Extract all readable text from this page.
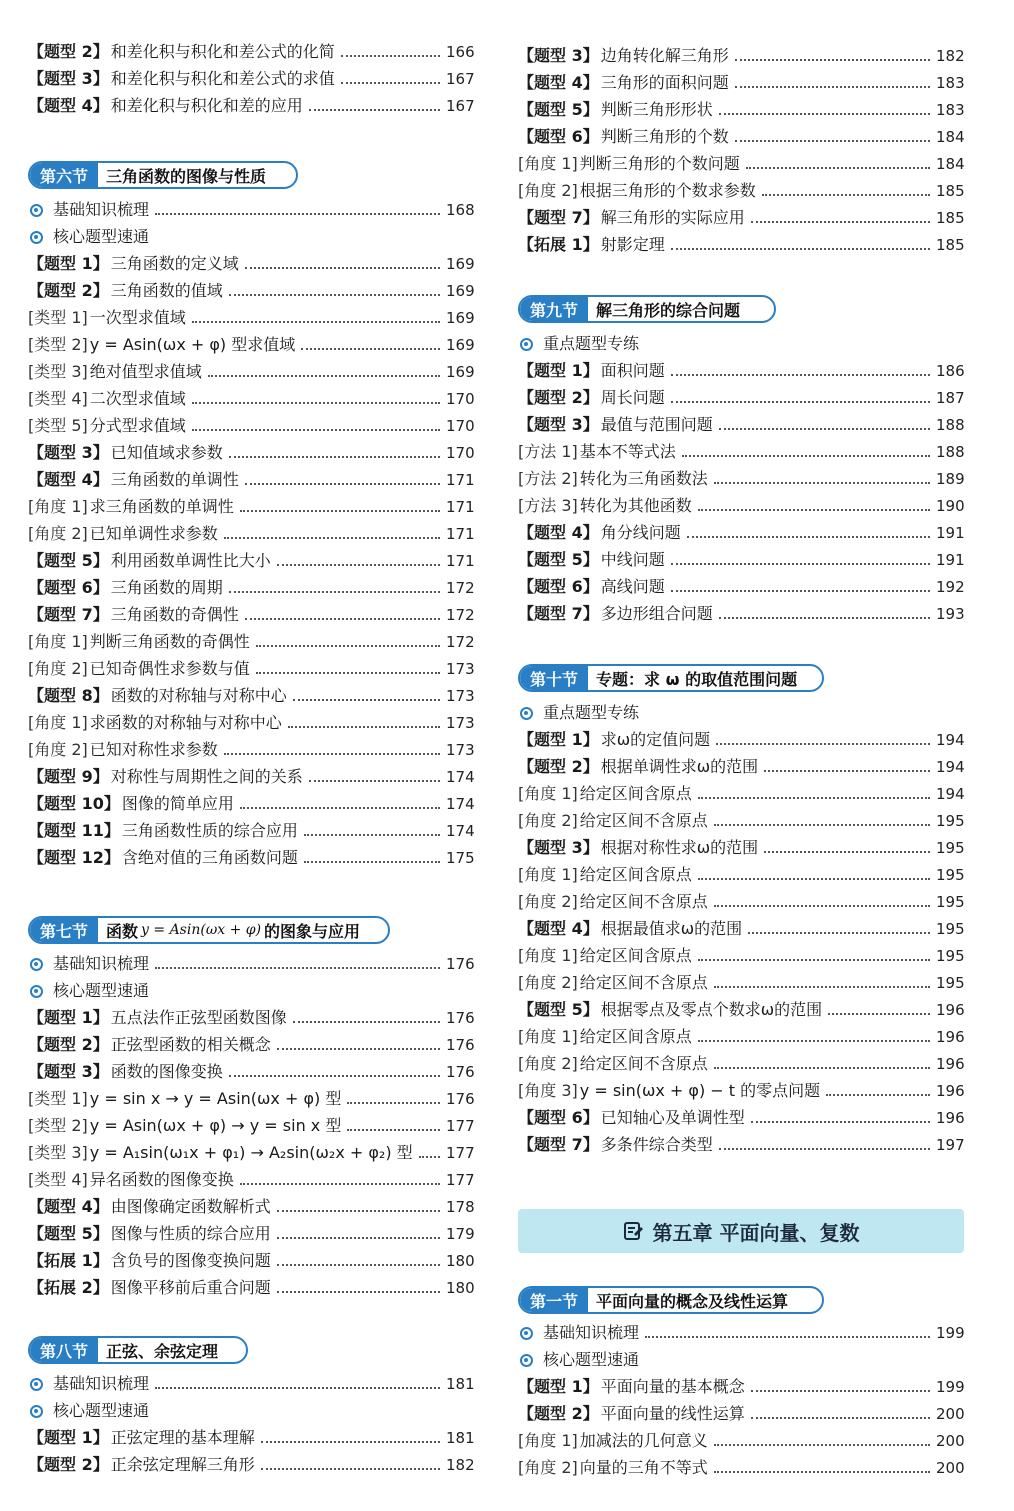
【题型 2】 和差化积与积化和差公式的化简	166
【题型 3】 和差化积与积化和差公式的求值	167
【题型 4】 和差化积与积化和差的应用	167
第六节	三角函数的图像与性质
基础知识梳理	168
核心题型速通
【题型 1】 三角函数的定义域	169
【题型 2】 三角函数的值域	169
[类型 1] 一次型求值域	169
[类型 2] y = Asin(ωx + φ) 型求值域	169
[类型 3] 绝对值型求值域	169
[类型 4] 二次型求值域	170
[类型 5] 分式型求值域	170
【题型 3】 已知值域求参数	170
【题型 4】 三角函数的单调性	171
[角度 1] 求三角函数的单调性	171
[角度 2] 已知单调性求参数	171
【题型 5】 利用函数单调性比大小	171
【题型 6】 三角函数的周期	172
【题型 7】 三角函数的奇偶性	172
[角度 1] 判断三角函数的奇偶性	172
[角度 2] 已知奇偶性求参数与值	173
【题型 8】 函数的对称轴与对称中心	173
[角度 1] 求函数的对称轴与对称中心	173
[角度 2] 已知对称性求参数	173
【题型 9】 对称性与周期性之间的关系	174
【题型 10】 图像的简单应用	174
【题型 11】 三角函数性质的综合应用	174
【题型 12】 含绝对值的三角函数问题	175
第七节	函数 y = Asin(ωx + φ) 的图象与应用
基础知识梳理	176
核心题型速通
【题型 1】 五点法作正弦型函数图像	176
【题型 2】 正弦型函数的相关概念	176
【题型 3】 函数的图像变换	176
[类型 1] y = sin x → y = Asin(ωx + φ) 型	176
[类型 2] y = Asin(ωx + φ) → y = sin x 型	177
[类型 3] y = A₁sin(ω₁x + φ₁) → A₂sin(ω₂x + φ₂) 型 177
[类型 4] 异名函数的图像变换	177
【题型 4】 由图像确定函数解析式	178
【题型 5】 图像与性质的综合应用	179
【拓展 1】 含负号的图像变换问题	180
【拓展 2】 图像平移前后重合问题	180
第八节	正弦、余弦定理
基础知识梳理	181
核心题型速通
【题型 1】 正弦定理的基本理解	181
【题型 2】 正余弦定理解三角形	182
【题型 3】 边角转化解三角形	182
【题型 4】 三角形的面积问题	183
【题型 5】 判断三角形形状	183
【题型 6】 判断三角形的个数	184
[角度 1] 判断三角形的个数问题	184
[角度 2] 根据三角形的个数求参数	185
【题型 7】 解三角形的实际应用	185
【拓展 1】 射影定理	185
第九节	解三角形的综合问题
重点题型专练
【题型 1】 面积问题	186
【题型 2】 周长问题	187
【题型 3】 最值与范围问题	188
[方法 1] 基本不等式法	188
[方法 2] 转化为三角函数法	189
[方法 3] 转化为其他函数	190
【题型 4】 角分线问题	191
【题型 5】 中线问题	191
【题型 6】 高线问题	192
【题型 7】 多边形组合问题	193
第十节	专题：求 ω 的取值范围问题
重点题型专练
【题型 1】 求ω的定值问题	194
【题型 2】 根据单调性求ω的范围	194
[角度 1] 给定区间含原点	194
[角度 2] 给定区间不含原点	195
【题型 3】 根据对称性求ω的范围	195
[角度 1] 给定区间含原点	195
[角度 2] 给定区间不含原点	195
【题型 4】 根据最值求ω的范围	195
[角度 1] 给定区间含原点	195
[角度 2] 给定区间不含原点	195
【题型 5】 根据零点及零点个数求ω的范围	196
[角度 1] 给定区间含原点	196
[角度 2] 给定区间不含原点	196
[角度 3] y = sin(ωx + φ) − t 的零点问题	196
【题型 6】 已知轴心及单调性型	196
【题型 7】 多条件综合类型	197
第五章 平面向量、复数
第一节	平面向量的概念及线性运算
基础知识梳理	199
核心题型速通
【题型 1】 平面向量的基本概念	199
【题型 2】 平面向量的线性运算	200
[角度 1] 加减法的几何意义	200
[角度 2] 向量的三角不等式	200
